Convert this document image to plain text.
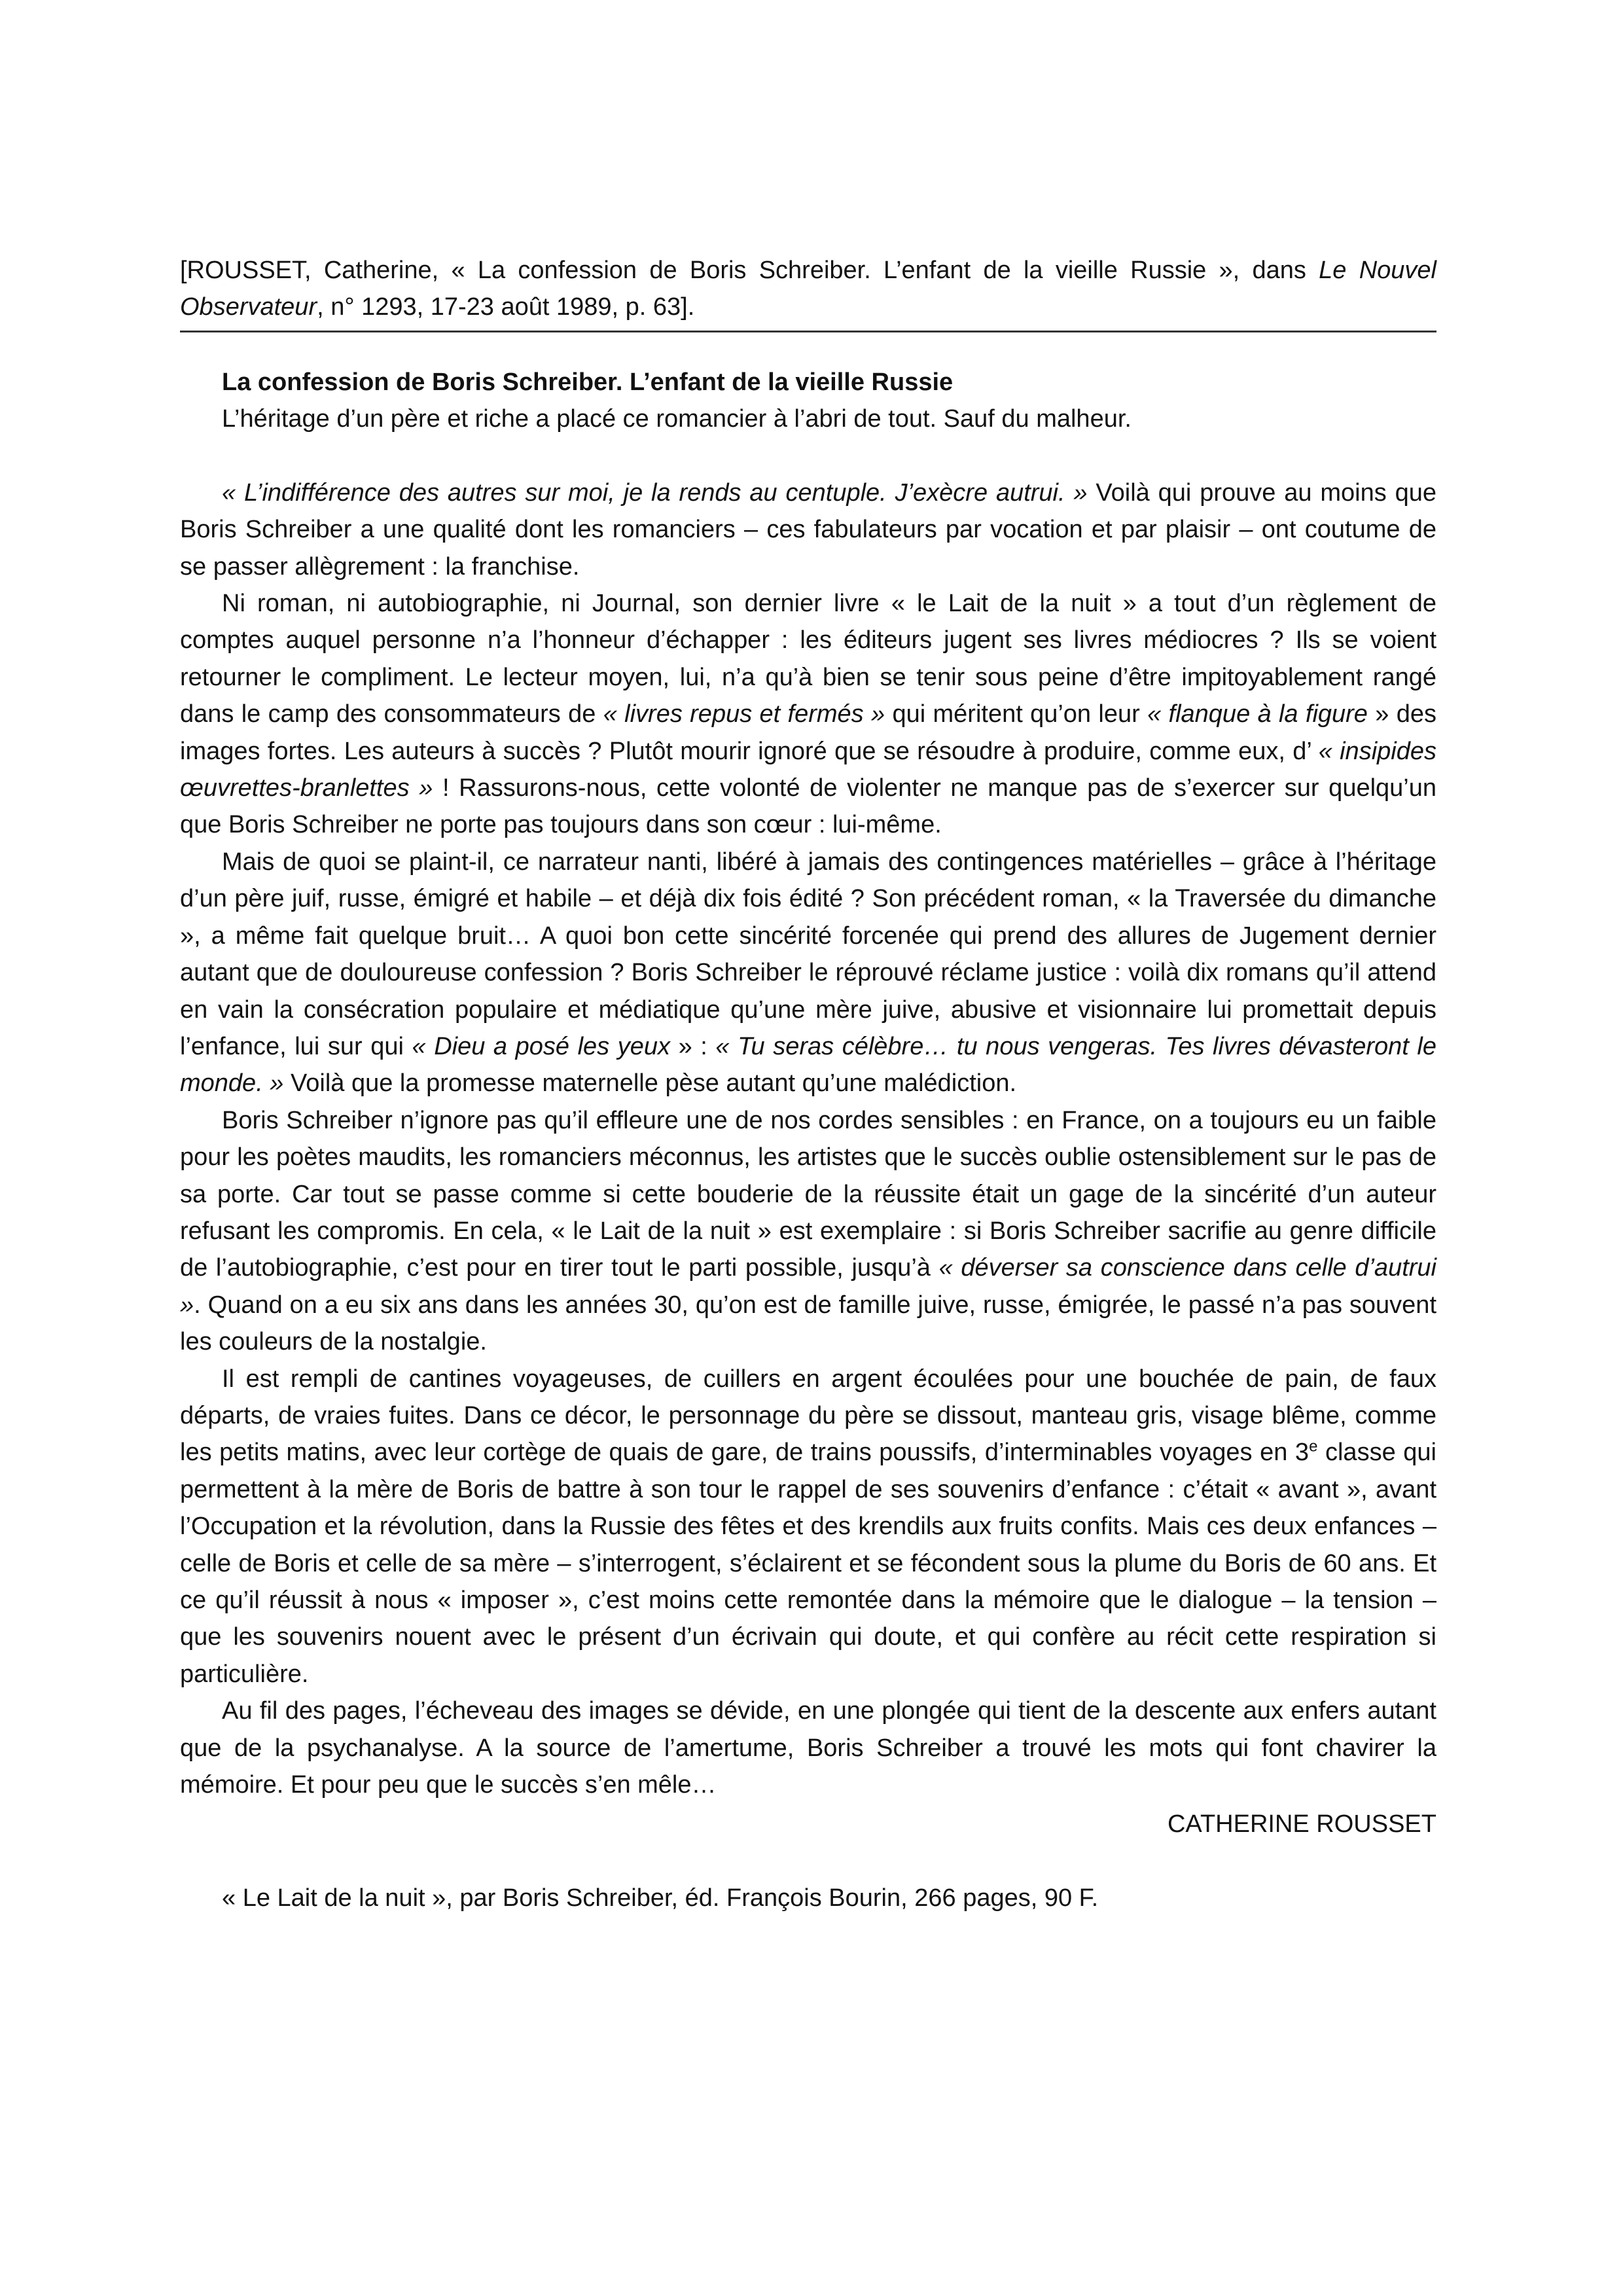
[ROUSSET, Catherine, « La confession de Boris Schreiber. L’enfant de la vieille Russie », dans Le Nouvel Observateur, n° 1293, 17-23 août 1989, p. 63].

La confession de Boris Schreiber. L’enfant de la vieille Russie

L’héritage d’un père et riche a placé ce romancier à l’abri de tout. Sauf du malheur.

« L’indifférence des autres sur moi, je la rends au centuple. J’exècre autrui. » Voilà qui prouve au moins que Boris Schreiber a une qualité dont les romanciers – ces fabulateurs par vocation et par plaisir – ont coutume de se passer allègrement : la franchise.

Ni roman, ni autobiographie, ni Journal, son dernier livre « le Lait de la nuit » a tout d’un règlement de comptes auquel personne n’a l’honneur d’échapper : les éditeurs jugent ses livres médiocres ? Ils se voient retourner le compliment. Le lecteur moyen, lui, n’a qu’à bien se tenir sous peine d’être impitoyablement rangé dans le camp des consommateurs de « livres repus et fermés » qui méritent qu’on leur « flanque à la figure » des images fortes. Les auteurs à succès ? Plutôt mourir ignoré que se résoudre à produire, comme eux, d’ « insipides œuvrettes-branlettes » ! Rassurons-nous, cette volonté de violenter ne manque pas de s’exercer sur quelqu’un que Boris Schreiber ne porte pas toujours dans son cœur : lui-même.

Mais de quoi se plaint-il, ce narrateur nanti, libéré à jamais des contingences matérielles – grâce à l’héritage d’un père juif, russe, émigré et habile – et déjà dix fois édité ? Son précédent roman, « la Traversée du dimanche », a même fait quelque bruit… A quoi bon cette sincérité forcenée qui prend des allures de Jugement dernier autant que de douloureuse confession ? Boris Schreiber le réprouvé réclame justice : voilà dix romans qu’il attend en vain la consécration populaire et médiatique qu’une mère juive, abusive et visionnaire lui promettait depuis l’enfance, lui sur qui « Dieu a posé les yeux » : « Tu seras célèbre… tu nous vengeras. Tes livres dévasteront le monde. » Voilà que la promesse maternelle pèse autant qu’une malédiction.

Boris Schreiber n’ignore pas qu’il effleure une de nos cordes sensibles : en France, on a toujours eu un faible pour les poètes maudits, les romanciers méconnus, les artistes que le succès oublie ostensiblement sur le pas de sa porte. Car tout se passe comme si cette bouderie de la réussite était un gage de la sincérité d’un auteur refusant les compromis. En cela, « le Lait de la nuit » est exemplaire : si Boris Schreiber sacrifie au genre difficile de l’autobiographie, c’est pour en tirer tout le parti possible, jusqu’à « déverser sa conscience dans celle d’autrui ». Quand on a eu six ans dans les années 30, qu’on est de famille juive, russe, émigrée, le passé n’a pas souvent les couleurs de la nostalgie.

Il est rempli de cantines voyageuses, de cuillers en argent écoulées pour une bouchée de pain, de faux départs, de vraies fuites. Dans ce décor, le personnage du père se dissout, manteau gris, visage blême, comme les petits matins, avec leur cortège de quais de gare, de trains poussifs, d’interminables voyages en 3e classe qui permettent à la mère de Boris de battre à son tour le rappel de ses souvenirs d’enfance : c’était « avant », avant l’Occupation et la révolution, dans la Russie des fêtes et des krendils aux fruits confits. Mais ces deux enfances – celle de Boris et celle de sa mère – s’interrogent, s’éclairent et se fécondent sous la plume du Boris de 60 ans. Et ce qu’il réussit à nous « imposer », c’est moins cette remontée dans la mémoire que le dialogue – la tension – que les souvenirs nouent avec le présent d’un écrivain qui doute, et qui confère au récit cette respiration si particulière.

Au fil des pages, l’écheveau des images se dévide, en une plongée qui tient de la descente aux enfers autant que de la psychanalyse. A la source de l’amertume, Boris Schreiber a trouvé les mots qui font chavirer la mémoire. Et pour peu que le succès s’en mêle…

CATHERINE ROUSSET

« Le Lait de la nuit », par Boris Schreiber, éd. François Bourin, 266 pages, 90 F.
